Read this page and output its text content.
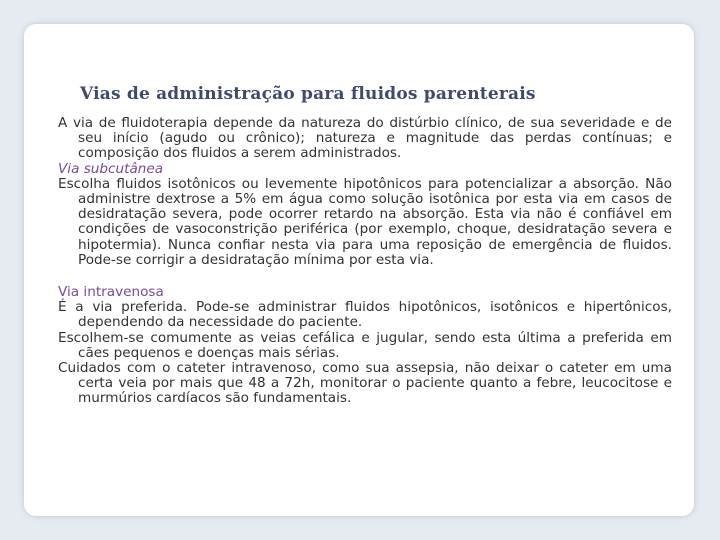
Vias de administração para fluidos parenterais

A via de fluidoterapia depende da natureza do distúrbio clínico, de sua severidade e de seu início (agudo ou crônico); natureza e magnitude das perdas contínuas; e composição dos fluidos a serem administrados.

Via subcutânea

Escolha fluidos isotônicos ou levemente hipotônicos para potencializar a absorção. Não administre dextrose a 5% em água como solução isotônica por esta via em casos de desidratação severa, pode ocorrer retardo na absorção. Esta via não é confiável em condições de vasoconstrição periférica (por exemplo, choque, desidratação severa e hipotermia). Nunca confiar nesta via para uma reposição de emergência de fluidos. Pode-se corrigir a desidratação mínima por esta via.

Via intravenosa

É a via preferida. Pode-se administrar fluidos hipotônicos, isotônicos e hipertônicos, dependendo da necessidade do paciente.

Escolhem-se comumente as veias cefálica e jugular, sendo esta última a preferida em cães pequenos e doenças mais sérias.

Cuidados com o cateter intravenoso, como sua assepsia, não deixar o cateter em uma certa veia por mais que 48 a 72h, monitorar o paciente quanto a febre, leucocitose e murmúrios cardíacos são fundamentais.
